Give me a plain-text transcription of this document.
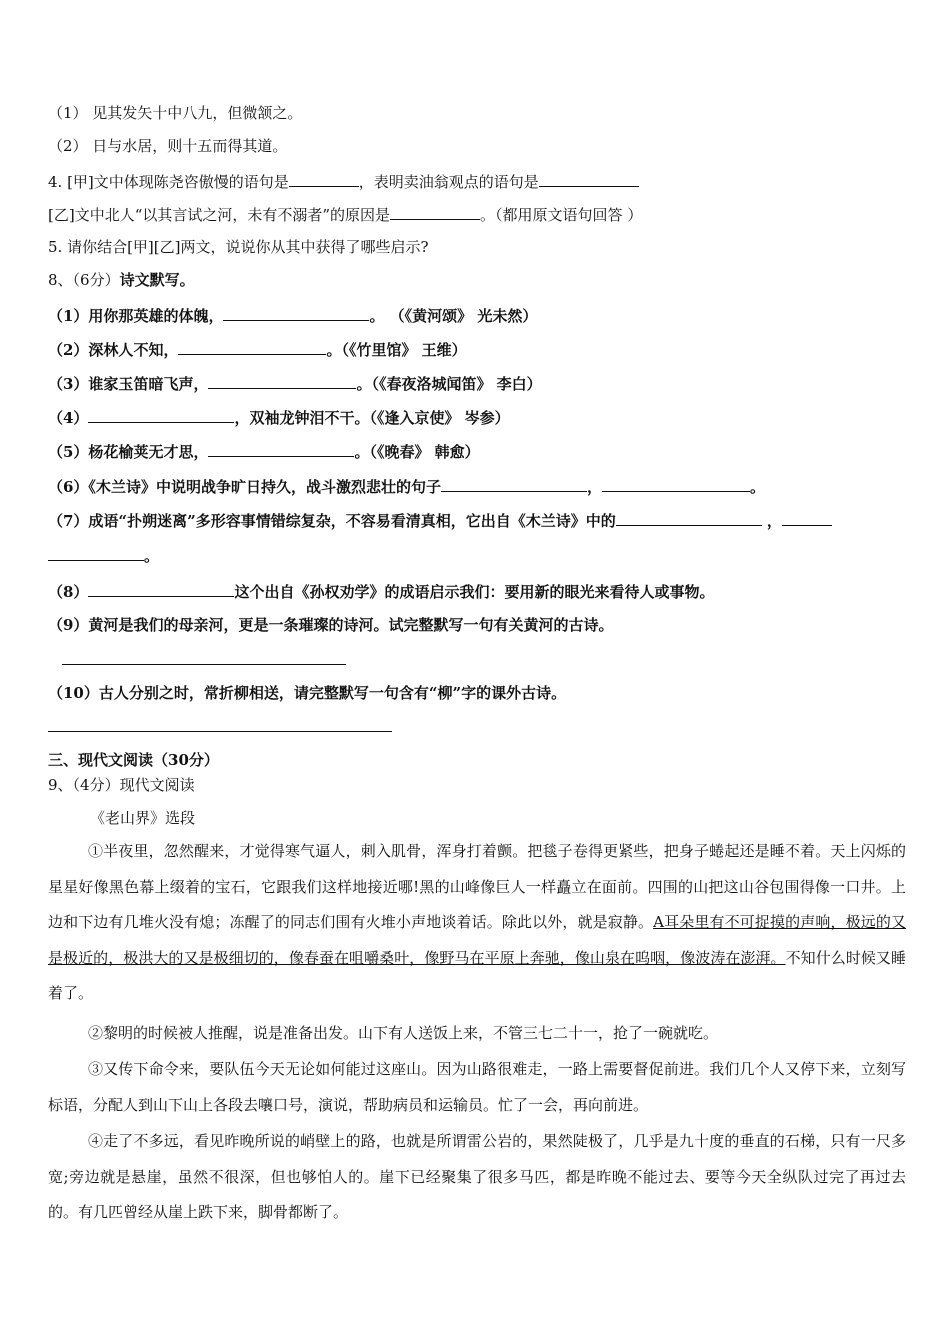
（1） 见其发矢十中八九，但微颔之。
（2） 日与水居，则十五而得其道。
4. [甲]文中体现陈尧咨傲慢的语句是	，表明卖油翁观点的语句是
[乙]文中北人“以其言试之河，未有不溺者”的原因是	。（都用原文语句回答 ）
5. 请你结合[甲][乙]两文，说说你从其中获得了哪些启示?
8、（6分）诗文默写。
（1）用你那英雄的体魄，	。 （《黄河颂》 光未然）
（2）深林人不知，	。（《竹里馆》 王维）
（3）谁家玉笛暗飞声，	。（《春夜洛城闻笛》 李白）
（4）	，双袖龙钟泪不干。（《逢入京使》 岑参）
（5）杨花榆荚无才思，	。（《晚春》 韩愈）
（6）《木兰诗》中说明战争旷日持久，战斗激烈悲壮的句子	，	。
（7）成语“扑朔迷离”多形容事情错综复杂，不容易看清真相，它出自《木兰诗》中的	，
。
（8）	这个出自《孙权劝学》的成语启示我们：要用新的眼光来看待人或事物。
（9）黄河是我们的母亲河，更是一条璀璨的诗河。试完整默写一句有关黄河的古诗。
（10）古人分别之时，常折柳相送，请完整默写一句含有“柳”字的课外古诗。
三、现代文阅读（30分）
9、（4分）现代文阅读
《老山界》选段
①半夜里，忽然醒来，才觉得寒气逼人，刺入肌骨，浑身打着颤。把毯子卷得更紧些，把身子蜷起还是睡不着。天上闪烁的星星好像黑色幕上缀着的宝石，它跟我们这样地接近哪!黑的山峰像巨人一样矗立在面前。四围的山把这山谷包围得像一口井。上边和下边有几堆火没有熄；冻醒了的同志们围有火堆小声地谈着话。除此以外，就是寂静。A耳朵里有不可捉摸的声响，极远的又是极近的，极洪大的又是极细切的，像春蚕在咀嚼桑叶，像野马在平原上奔驰，像山泉在呜咽，像波涛在澎湃。不知什么时候又睡着了。
②黎明的时候被人推醒，说是准备出发。山下有人送饭上来，不管三七二十一，抢了一碗就吃。
③又传下命令来，要队伍今天无论如何能过这座山。因为山路很难走，一路上需要督促前进。我们几个人又停下来，立刻写标语，分配人到山下山上各段去嚷口号，演说，帮助病员和运输员。忙了一会，再向前进。
④走了不多远，看见昨晚所说的峭壁上的路，也就是所谓雷公岩的，果然陡极了，几乎是九十度的垂直的石梯，只有一尺多宽;旁边就是悬崖，虽然不很深，但也够怕人的。崖下已经聚集了很多马匹，都是昨晚不能过去、要等今天全纵队过完了再过去的。有几匹曾经从崖上跌下来，脚骨都断了。
